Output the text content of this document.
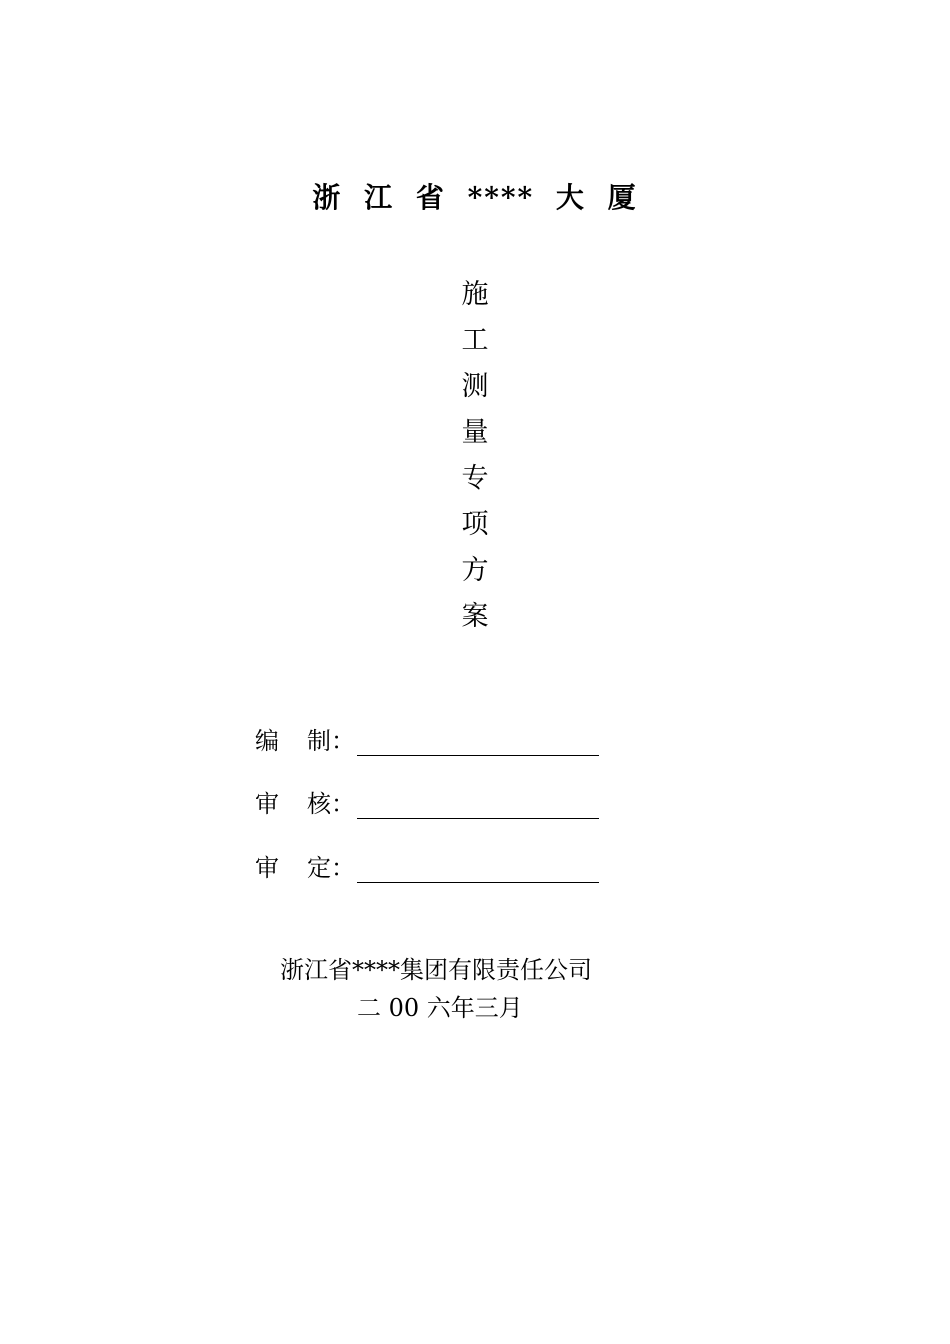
浙 江 省 **** 大 厦
施
工
测
量
专
项
方
案
编 制：
审 核：
审 定：
浙江省****集团有限责任公司
二 00 六年三月
